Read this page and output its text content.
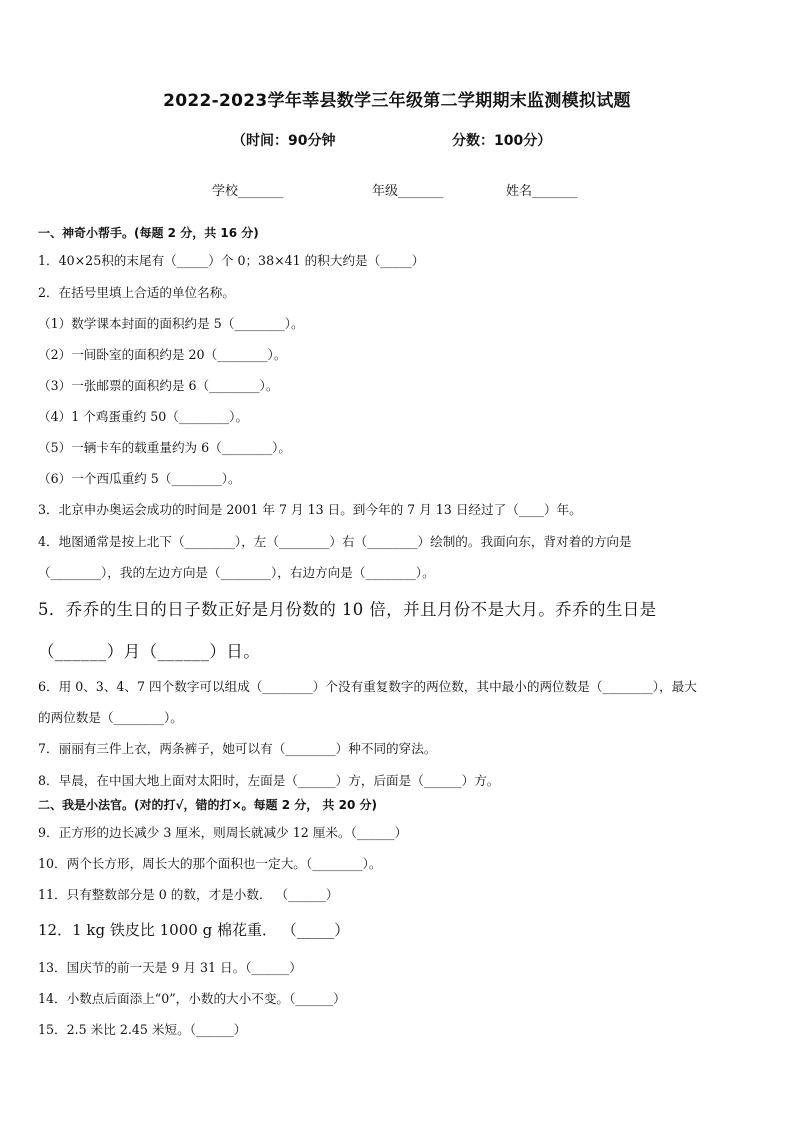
2022-2023学年莘县数学三年级第二学期期末监测模拟试题
（时间：90分钟	分数：100分）
学校_______	年级_______	姓名_______
一、神奇小帮手。(每题 2 分，共 16 分)
1．40×25积的末尾有（_____）个 0；38×41 的积大约是（_____）
2．在括号里填上合适的单位名称。
（1）数学课本封面的面积约是 5（________）。
（2）一间卧室的面积约是 20（________）。
（3）一张邮票的面积约是 6（________）。
（4）1 个鸡蛋重约 50（________）。
（5）一辆卡车的载重量约为 6（________）。
（6）一个西瓜重约 5（________）。
3．北京申办奥运会成功的时间是 2001 年 7 月 13 日。到今年的 7 月 13 日经过了（____）年。
4．地图通常是按上北下（________），左（________）右（________）绘制的。我面向东，背对着的方向是
（________），我的左边方向是（________），右边方向是（________）。
5．乔乔的生日的日子数正好是月份数的 10 倍，并且月份不是大月。乔乔的生日是
（______）月（______）日。
6．用 0、3、4、7 四个数字可以组成（________）个没有重复数字的两位数，其中最小的两位数是（________），最大
的两位数是（________）。
7．丽丽有三件上衣，两条裤子，她可以有（________）种不同的穿法。
8．早晨，在中国大地上面对太阳时，左面是（______）方，后面是（______）方。
二、我是小法官。(对的打√，错的打×。每题 2 分， 共 20 分)
9．正方形的边长减少 3 厘米，则周长就减少 12 厘米。（______）
10．两个长方形，周长大的那个面积也一定大。（________）。
11．只有整数部分是 0 的数，才是小数． （______）
12．1 kg 铁皮比 1000 g 棉花重． （_____）
13．国庆节的前一天是 9 月 31 日。（______）
14．小数点后面添上“0”，小数的大小不变。（______）
15．2.5 米比 2.45 米短。（______）
